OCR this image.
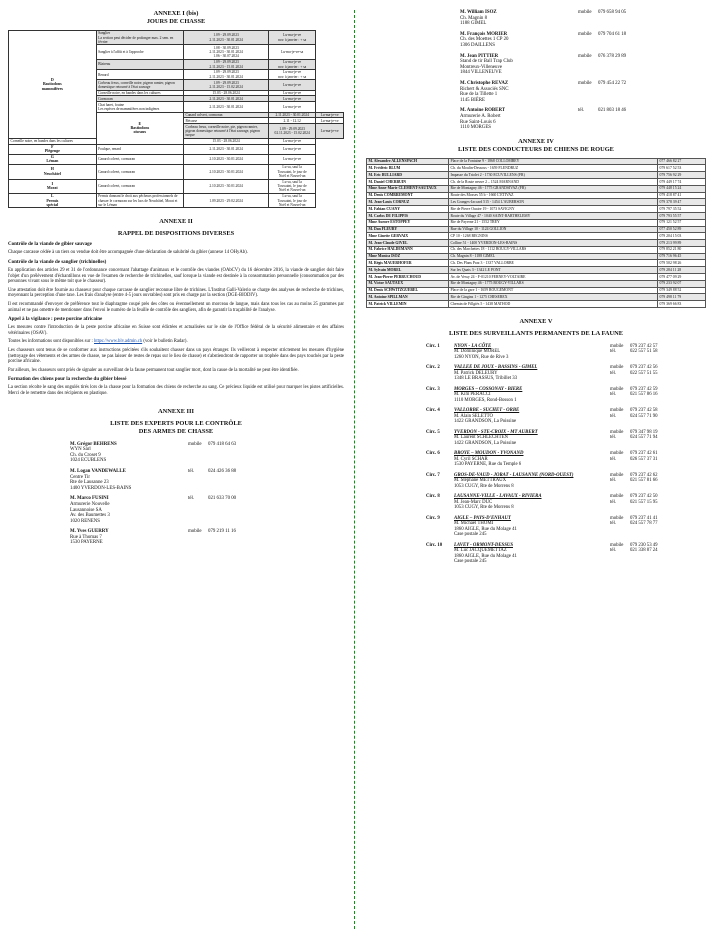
ANNEXE I (bis)
JOURS DE CHASSE
D
Bastiodons
mammifères	Sanglier
La section peut décider de prolonger max. 2 sem. en février	1.09 - 29.09.2023
2.11.2023 - 30.01.2024	Lu-ma-je-ve
nov. à janvier : + sa	
	Sanglier à l'affût et à l'approche	1.08 - 30.09.2023
2.11.2023 - 30.01.2024
1.06 - 30.07.2024	Lu-ma-je-ve-sa	
	Blaireau	1.09 - 29.09.2023
2.11.2023 - 15.01.2024	Lu-ma-je-ve
nov. à janvier : + sa	
	Renard	1.09 - 29.09.2023
2.11.2023 - 30.01.2024	Lu-ma-je-ve
nov. à janvier : + sa	
	Corbeau freux, corneille noire, pigeon ramier, pigeon domestique retourné à l'état sauvage	1.09 - 29.09.2023
2.11.2023 - 15.02.2024	Lu-ma-je-ve	
	Corneille noire, en bandes dans les cultures	15.03 - 28.06.2024	Lu-ma-je-ve	
	Cormoran	2.11.2023 - 30.01.2024	Lu-ma-je-ve	
	Chat haret, fouine
Les espèces de mammifères non indigènes	2.11.2023 - 30.01.2024	Lu-ma-je-ve	
	E
Bastiodons
oiseaux	Canard colvert, cormoran	2.11.2023 - 30.01.2024	Lu-ma-je-ve
		Bécasse	2.11 - 12.12	Lu-ma-je-ve
		Corbeau freux, corneille noire, pie, pigeon ramier, pigeon domestique retourné à l'état sauvage, pigeon turque	1.09 - 29.09.2023
02.11.2023 - 15.02.2024	Lu-ma-je-ve
Corneille noire, en bandes dans les cultures		15.03 - 28.06.2024	Lu-ma-je-ve	
F
Plégenge	Foulque, renard	2.11.2023 - 30.01.2024	Lu-ma-je-ve	
G
Léman	Canard colvert, cormoran	2.10.2023 - 30.01.2024	Lu-ma-je-ve	
H
Neuchâtel	Canard colvert, cormoran	2.10.2023 - 30.01.2024	Lu-sa, sauf la
Toussaint, le jour de
Noël et Nouvel-an	
I
Morat	Canard colvert, cormoran	2.10.2023 - 30.01.2024	Lu-sa, sauf la
Toussaint, le jour de
Noël et Nouvel-an	
L
Permis
spécial	Permis donnant le droit aux pêcheurs professionnels de chasser le cormoran sur les lacs de Neuchâtel, Morat et sur le Léman	1.09.2023 - 29.02.2024	Lu-sa, sauf la
Toussaint, le jour de
Noël et Nouvel-an	
ANNEXE II
RAPPEL DE DISPOSITIONS DIVERSES
Contrôle de la viande de gibier sauvage

Chaque carcasse cédée à un tiers ou vendue doit être accompagnée d'une déclaration de salubrité du gibier (annexe 14 OHyAb).

Contrôle de la viande de sanglier (trichinelles)

En application des articles 29 et 31 de l'ordonnance concernant l'abattage d'animaux et le contrôle des viandes (OAbCV) du 16 décembre 2016, la viande de sanglier doit faire l'objet d'un prélèvement d'échantillons en vue de l'examen de recherche de trichinelles, sauf lorsque la viande est destinée à la consommation personnelle (consommation par des personnes vivant sous le même toit que le chasseur).

Une attestation doit être fournie au chasseur pour chaque carcasse de sanglier reconnue libre de trichines. L'Institut Galli-Valerio se charge des analyses de recherche de trichines, moyennant la perception d'une taxe. Les frais d'analyse (entre 4-5 jours ouvrables) sont pris en charge par la section (DGE-BIODIV).

Il est recommandé d'envoyer de préférence tout le diaphragme coupé près des côtes ou éventuellement un morceau de langue, mais dans tous les cas au moins 25 grammes par animal et ne pas omettre de mentionner dans l'envoi le numéro de la feuille de contrôle des sangliers, afin de garantir la traçabilité de l'analyse.

Appel à la vigilance : peste porcine africaine

Les mesures contre l'introduction de la peste porcine africaine en Suisse sont édictées et actualisées sur le site de l'Office fédéral de la sécurité alimentaire et des affaires vétérinaires (OSAV).

Toutes les informations sont disponibles sur : https://www.blv.admin.ch (voir le bulletin Radar).

Les chasseurs sont tenus de se conformer aux instructions précitées s'ils souhaitent chasser dans un pays étranger. Ils veilleront à respecter strictement les mesures d'hygiène (nettoyage des vêtements et des armes de chasse, ne pas laisser de restes de repas sur le lieu de chasse) et s'abstiendront de rapporter un trophée dans des pays touchés par la peste porcine africaine.

Par ailleurs, les chasseurs sont priés de signaler au surveillant de la faune permanent tout sanglier mort, dont la cause de la mortalité ne peut être identifiée.

Formation des chiens pour la recherche du gibier blessé

La section récolte le sang des ongulés tirés lors de la chasse pour la formation des chiens de recherche au sang. Ce précieux liquide est utilisé pour marquer les pistes artificielles. Merci de le remettre dans des récipients en plastique.

ANNEXE III
LISTE DES EXPERTS POUR LE CONTRÔLE
DES ARMES DE CHASSE
M. Grégor BEHRENS
WYN Sàrl
Ch. du Croset 9
1024 ECUBLENS
mobile 079 418 64 63
M. Logan VANDEWALLE
Centre Tir
Rte de Lausanne 23
1400 YVERDON-LES-BAINS
tél.	024 426 36 88
M. Marco FUSINI
Armurerie Nouvelle
Lausannoise SA
Av. des Baumettes 3
1020 RENENS
tél.	021 633 70 00
M. Yves GUERRY
Rue à Thomas 7
1530 PAYERNE
mobile 079 219 11 16
M. William ISOZ
Ch. Magnin 8
1188 GIMEL
mobile 079 658 94 05
M. François MORIER
Ch. des Moettes 1 CP 20
1306 DAILLENS
mobile 079 704 61 18
M. Jean PITTIER
Stand de tir Ball Trap Club
Montreux-Villeneuve
1844 VILLENEUVE
mobile 076 378 29 89
M. Christophe REVAZ
Richert & Associés SNC
Rue de la Tillette 1
1145 BIÈRE
mobile 079 454 22 72
M. Antoine ROBERT
Armurerie A. Robert
Rue Saint-Louis 6
1110 MORGES
tél.	021 803 18 46
ANNEXE IV
LISTE DES CONDUCTEURS DE CHIENS DE ROUGE
M. Alexandre ALLENSPACH	Place de la Fontaine 9 - 1868 COLLOMBEY	077 466 82 27
M. Frédéric BLUM	Ch. du Moulin-Dessous - 1659 FLENDRUZ	079 617 52 53
M. Eric BULLIARD	Impasse du Triolet 2 - 1730 ECUVILLENS (FR)	079 756 92 29
M. Daniel CHERBUIN	Ch. de la Route neuve 2 – 1524 MARNAND	079 449 17 74
Mme Anne-Marie CLEMENT-SAUTAUX	Rte de Montagny 46 - 1775 GRANDSIVAZ (FR)	079 448 15 24
M. Denis COMBREMONT	Route des Mosses 55 b - 1660 L'ETIVAZ	079 418 87 41
M. Jean-Louis CORNUZ	Les Granges-Jaccard 515 - 1454 L'AUBERSON	079 378 39 47
M. Fabian CUANY	Rte de Pierre Ouaire 19 - 1073 SAVIGNY	079 797 35 52
M. Carlos DE FILIPPIS	Route du Village 47 - 1040 SAINT-BARTHELEMY	079 793 55 57
Mme Aurore ESTOPPEY	Rte de Payerne 21 - 1552 TREY	079 121 52 57
M. Dan FLEURY	Rue du Village 10 - 1124 GOLLION	077 450 52 89
Mme Ginette GERVAIX	CP 10 - 1268 BEGNINS	079 204 15 03
M. Jean-Claude GIVEL	Colline 51 - 1400 YVERDON-LES-BAINS	079 213 99 89
M. Fabrice HALDEMANN	Ch. des Marchettes 18 - 1112 BOUGY-VILLARS	079 852 21 80
Mme Monica ISOZ	Ch. Magnin 8 - 1188 GIMEL	079 716 96 45
M. Régis MAUERHOFER	Ch. Des Plans Praz 3 - 1337 VALLORBE	079 502 98 26
M. Sylvain MOREL	Sur les Quais 3 - 1342 LE PONT	079 284 11 28
M. Jean-Pierre PERRUCHOUD	Av. de Vessy 24 - F-01210 FERNEY-VOLTAIRE	079 477 09 29
M. Victor SAUTAUX	Rte de Montagny 46 - 1775 BOUGY-VILLARS	079 233 92 07
M. Denis SCHWITZGUEBEL	Place de la gare 1 - 1659 ROUGEMONT	079 349 88 52
M. Antoine SPILLMAN	Rte de Gingins 1 - 1275 CHESEREX	079 498 11 79
M. Patrick VILLEMIN	Chemin de Fillgiès 5 - 1438 MATHOD	079 369 66 83
ANNEXE V
LISTE DES SURVEILLANTS PERMANENTS DE LA FAUNE
Circ. 1	NYON - LA CÔTE
M. Dominique MOREL
1260 NYON, Rue de Rive 3
mobile 079 237 42 57
tél.	022 557 51 58
Circ. 2	VALLEE DE JOUX - BASSINS - GIMEL
M. Patrick DELEURY
1348 LE BRASSUS, Tribillet 33
mobile 079 237 42 56
tél.	022 557 51 55
Circ. 3	MORGES – COSSONAY - BIERE
M. Kim PERACCI
1110 MORGES, Rond-Bosson 1
mobile 079 237 42 59
tél.	021 557 86 16
Circ. 4	VALLORBE - SUCHET - ORBE
M. Alain SELETTO
1422 GRANDSON, La Poissine
mobile 079 237 42 58
tél.	024 557 71 90
Circ. 5	YVERDON - STE-CROIX - MT AUBERT
M. Laurent SCHLECHTEN
1422 GRANDSON, La Poissine
mobile 079 347 98 19
tél.	024 557 71 94
Circ. 6	BROYE – MOUDON - YVONAND
M. Cyril SCHAR
1530 PAYERNE, Rue du Temple 6
mobile 079 237 42 61
tél.	026 557 37 31
Circ. 7	GROS-DE-VAUD - JORAT - LAUSANNE (NORD-OUEST)
M. Stéphane METTRAUX
1053 CUGY, Rte de Morrens 8
mobile 079 237 42 62
tél.	021 557 81 66
Circ. 8	LAUSANNE-VILLE - LAVAUX - RIVIERA
M. Jean-Marc DUC
1053 CUGY, Rte de Morrens 8
mobile 079 237 42 50
tél.	021 557 15 95
Circ. 9	AIGLE – PAYS-D'ENHAUT
M. Michael THOMI
1860 AIGLE, Rue du Molage 41
Case postale 245
mobile 079 237 41 41
tél.	024 557 78 77
Circ. 10	LAVEY - ORMONT-DESSUS
M. Luc JACQUEMETTAZ
1860 AIGLE, Rue du Molage 41
Case postale 245
mobile 079 230 53 49
tél.	021 338 87 24
